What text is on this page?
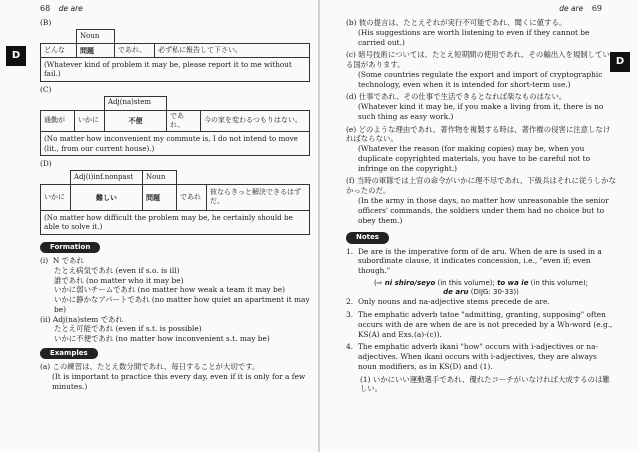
68 de are
D
(B)
	Noun		
どんな	問題	であれ、	必ず私に報告して下さい。
(Whatever kind of problem it may be, please report it to me without fail.)
(C)
		Adj(na)stem		
通勤が	いかに	不便	であれ、	今の家を変わるつもりはない。
(No matter how inconvenient my commute is, I do not intend to move (lit., from our current house).)
(D)
	Adj(i)inf.nonpast	Noun		
いかに	難しい	問題	であれ	彼ならきっと解決できるはずだ。
(No matter how difficult the problem may be, he certainly should be able to solve it.)
Formation
(i) N であれ
たとえ病気であれ (even if s.o. is ill)
誰であれ (no matter who it may be)
いかに弱いチームであれ (no matter how weak a team it may be)
いかに静かなアパートであれ (no matter how quiet an apartment it may be)
(ii) Adj(na)stem であれ
たとえ可能であれ (even if s.t. is possible)
いかに不便であれ (no matter how inconvenient s.t. may be)
Examples
(a) この練習は、たとえ数分間であれ、毎日することが大切です。
(It is important to practice this every day, even if it is only for a few minutes.)
de are 69
D
(b) 彼の提言は、たとえそれが実行不可能であれ、聞くに値する。
(His suggestions are worth listening to even if they cannot be carried out.)
(c) 暗号技術については、たとえ短期間の使用であれ、その輸出入を規制している国があります。
(Some countries regulate the export and import of cryptographic technology, even when it is intended for short-term use.)
(d) 仕事であれ、その仕事で生活できるとなれば楽なものはない。
(Whatever kind it may be, if you make a living from it, there is no such thing as easy work.)
(e) どのような理由であれ、著作物を複製する時は、著作権の侵害に注意しなければならない。
(Whatever the reason (for making copies) may be, when you duplicate copyrighted materials, you have to be careful not to infringe on the copyright.)
(f) 当時の軍隊では上官の命令がいかに理不尽であれ、下級兵はそれに従うしかなかったのだ。
(In the army in those days, no matter how unreasonable the senior officers' commands, the soldiers under them had no choice but to obey them.)
Notes
1. De are is the imperative form of de aru. When de are is used in a subordinate clause, it indicates concession, i.e., "even if; even though."
(⇨ ni shiro/seyo (in this volume); to wa ie (in this volume);
de aru (DIJG: 30-33))
2. Only nouns and na-adjective stems precede de are.
3. The emphatic adverb tatoe "admitting, granting, supposing" often occurs with de are when de are is not preceded by a Wh-word (e.g., KS(A) and Exs.(a)-(c)).
4. The emphatic adverb ikani "how" occurs with i-adjectives or na-adjectives. When ikani occurs with i-adjectives, they are always noun modifiers, as in KS(D) and (1).
(1) いかにいい運動選手であれ、優れたコーチがいなければ大成するのは難しい。
